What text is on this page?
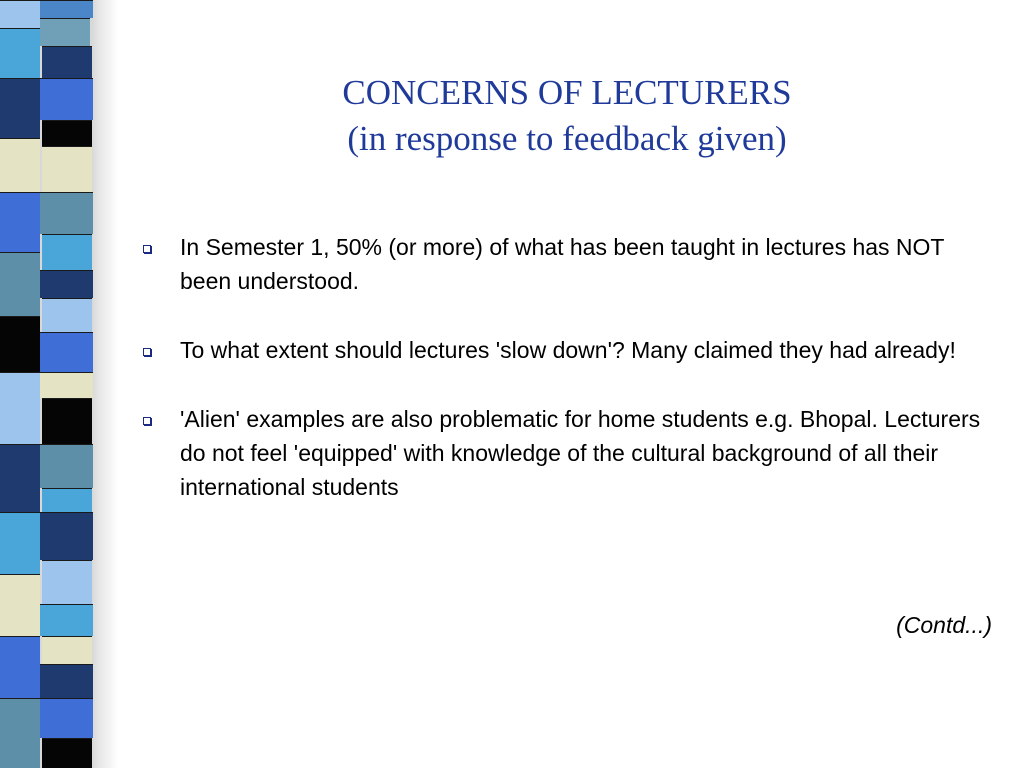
CONCERNS OF LECTURERS
(in response to feedback given)
In Semester 1, 50% (or more) of what has been taught in lectures has NOT been understood.
To what extent should lectures 'slow down'? Many claimed they had already!
'Alien' examples are also problematic for home students e.g. Bhopal. Lecturers do not feel 'equipped' with knowledge of the cultural background of all their international students
(Contd...)
